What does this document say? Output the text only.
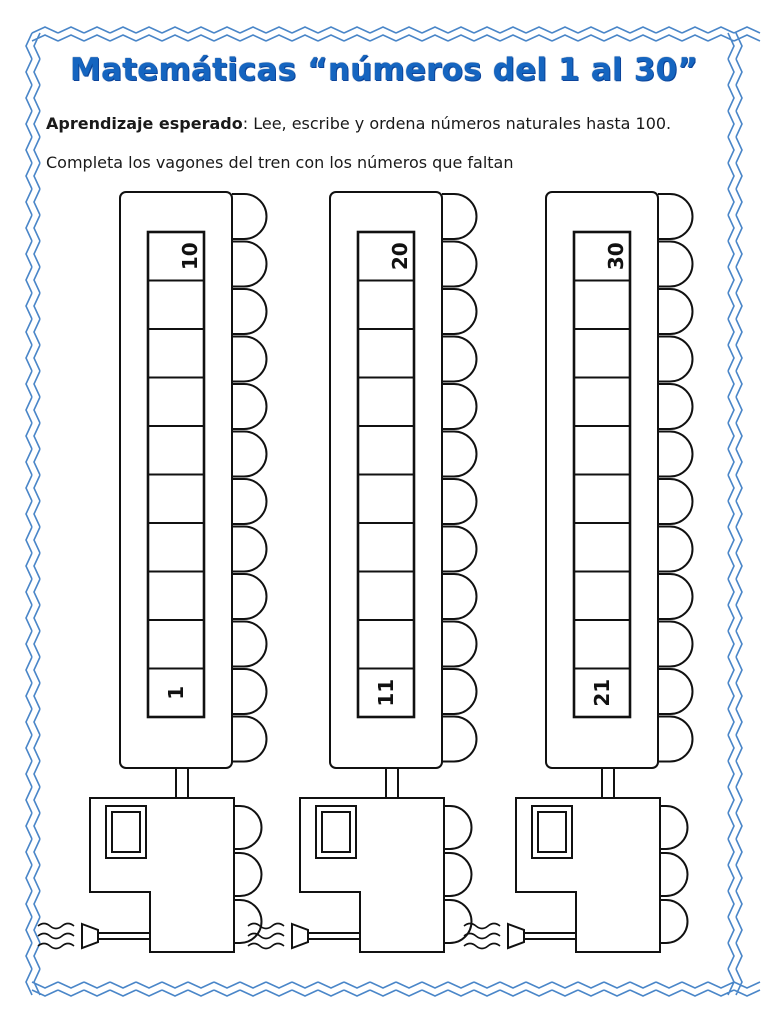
Matemáticas “números del 1 al 30”

Aprendizaje esperado: Lee, escribe y ordena números naturales hasta 100.

Completa los vagones del tren con los números que faltan

10
1
20
11
30
21
